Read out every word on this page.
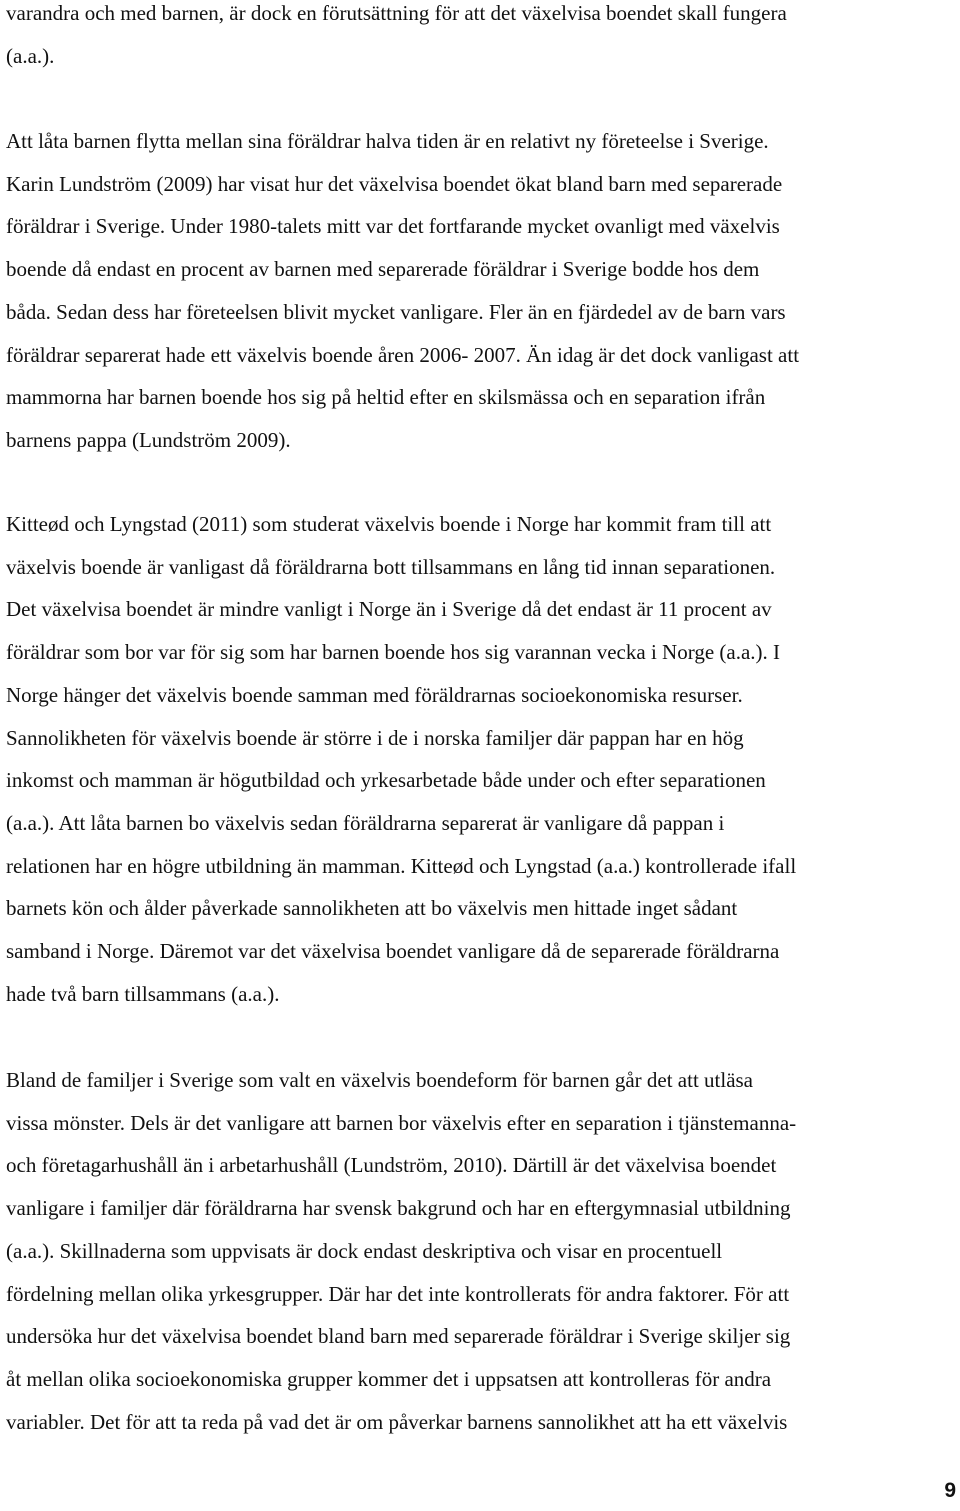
varandra och med barnen, är dock en förutsättning för att det växelvisa boendet skall fungera
(a.a.).
Att låta barnen flytta mellan sina föräldrar halva tiden är en relativt ny företeelse i Sverige.
Karin Lundström (2009) har visat hur det växelvisa boendet ökat bland barn med separerade
föräldrar i Sverige. Under 1980-talets mitt var det fortfarande mycket ovanligt med växelvis
boende då endast en procent av barnen med separerade föräldrar i Sverige bodde hos dem
båda. Sedan dess har företeelsen blivit mycket vanligare. Fler än en fjärdedel av de barn vars
föräldrar separerat hade ett växelvis boende åren 2006- 2007. Än idag är det dock vanligast att
mammorna har barnen boende hos sig på heltid efter en skilsmässa och en separation ifrån
barnens pappa (Lundström 2009).
Kitteød och Lyngstad (2011) som studerat växelvis boende i Norge har kommit fram till att
växelvis boende är vanligast då föräldrarna bott tillsammans en lång tid innan separationen.
Det växelvisa boendet är mindre vanligt i Norge än i Sverige då det endast är 11 procent av
föräldrar som bor var för sig som har barnen boende hos sig varannan vecka i Norge (a.a.). I
Norge hänger det växelvis boende samman med föräldrarnas socioekonomiska resurser.
Sannolikheten för växelvis boende är större i de i norska familjer där pappan har en hög
inkomst och mamman är högutbildad och yrkesarbetade både under och efter separationen
(a.a.). Att låta barnen bo växelvis sedan föräldrarna separerat är vanligare då pappan i
relationen har en högre utbildning än mamman. Kitteød och Lyngstad (a.a.) kontrollerade ifall
barnets kön och ålder påverkade sannolikheten att bo växelvis men hittade inget sådant
samband i Norge. Däremot var det växelvisa boendet vanligare då de separerade föräldrarna
hade två barn tillsammans (a.a.).
Bland de familjer i Sverige som valt en växelvis boendeform för barnen går det att utläsa
vissa mönster. Dels är det vanligare att barnen bor växelvis efter en separation i tjänstemanna-
och företagarhushåll än i arbetarhushåll (Lundström, 2010). Därtill är det växelvisa boendet
vanligare i familjer där föräldrarna har svensk bakgrund och har en eftergymnasial utbildning
(a.a.). Skillnaderna som uppvisats är dock endast deskriptiva och visar en procentuell
fördelning mellan olika yrkesgrupper. Där har det inte kontrollerats för andra faktorer. För att
undersöka hur det växelvisa boendet bland barn med separerade föräldrar i Sverige skiljer sig
åt mellan olika socioekonomiska grupper kommer det i uppsatsen att kontrolleras för andra
variabler. Det för att ta reda på vad det är om påverkar barnens sannolikhet att ha ett växelvis
9
